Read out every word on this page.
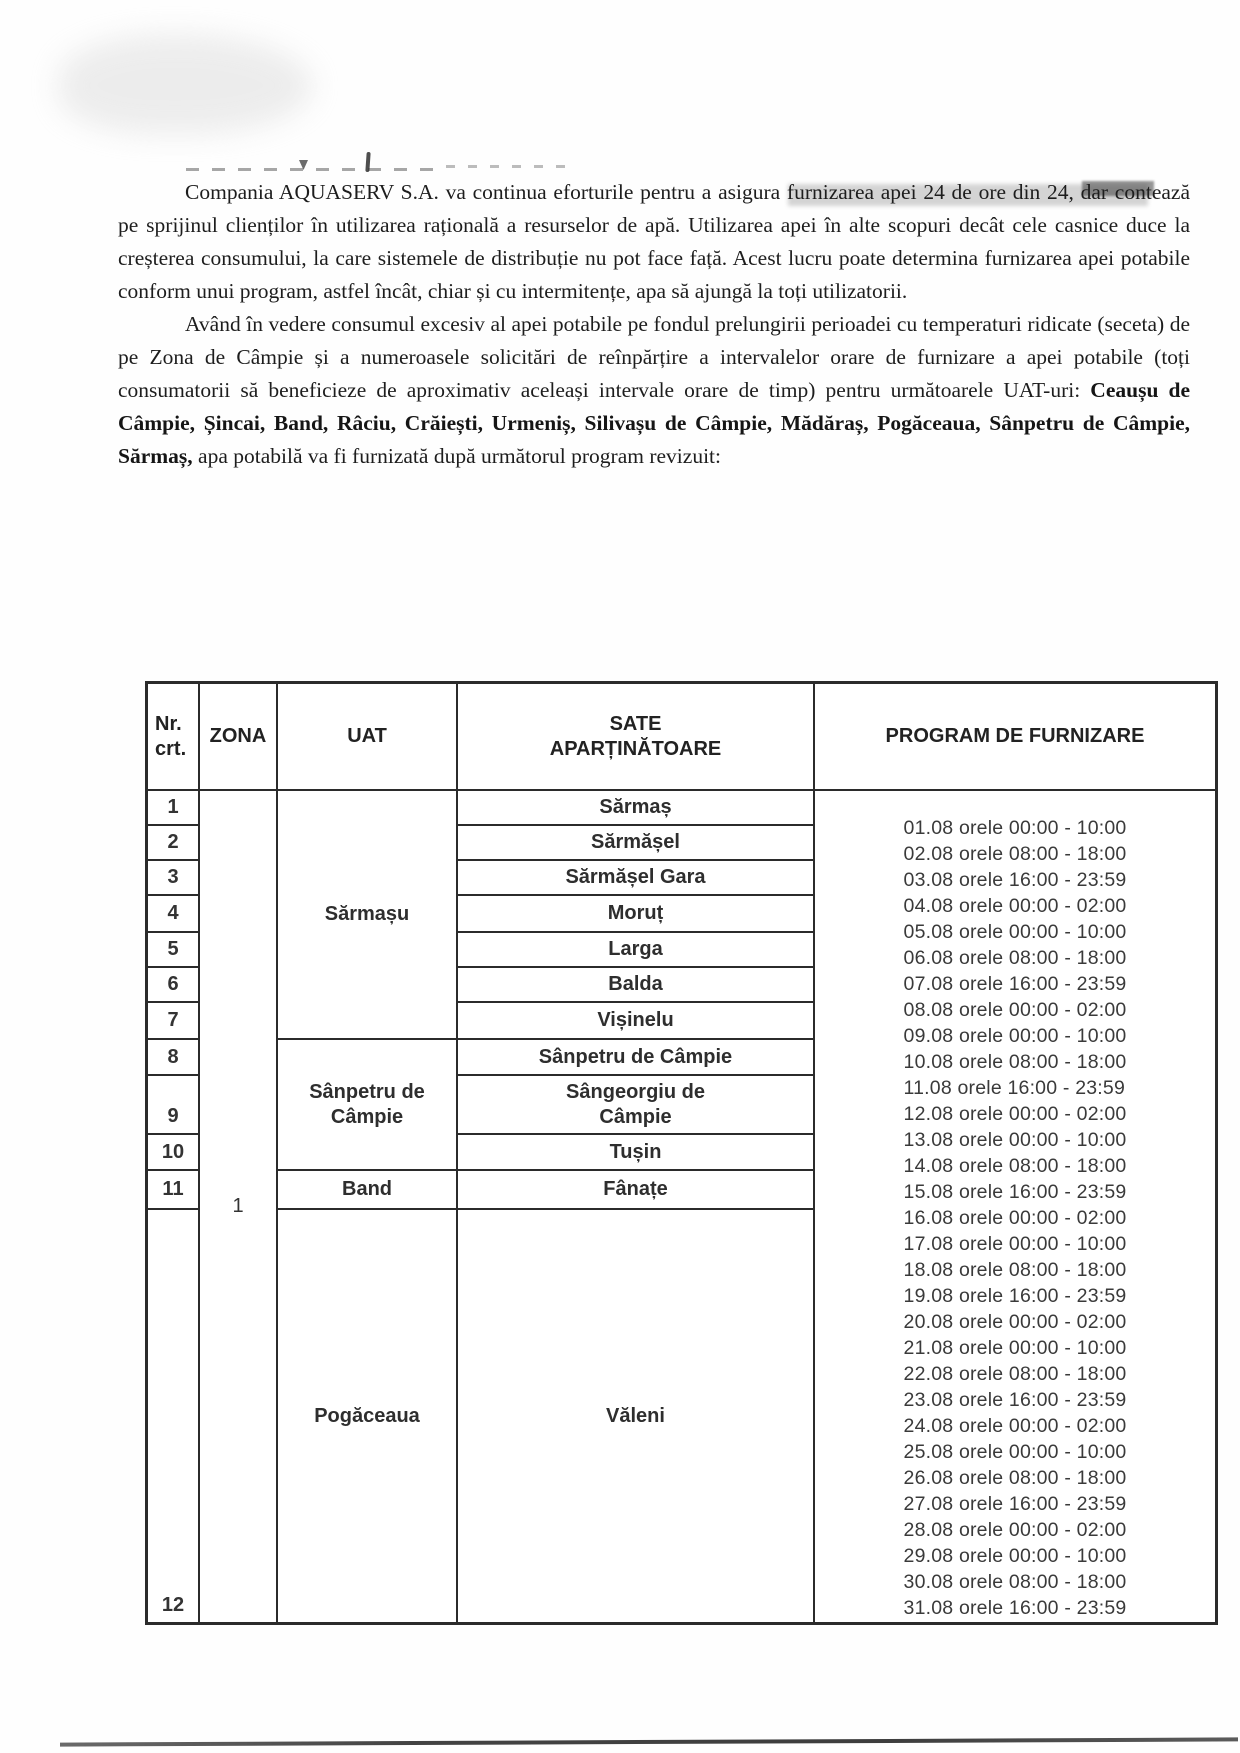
Compania AQUASERV S.A. va continua eforturile pentru a asigura furnizarea apei 24 de ore din 24, dar contează pe sprijinul clienților în utilizarea rațională a resurselor de apă. Utilizarea apei în alte scopuri decât cele casnice duce la creșterea consumului, la care sistemele de distribuție nu pot face față. Acest lucru poate determina furnizarea apei potabile conform unui program, astfel încât, chiar și cu intermitențe, apa să ajungă la toți utilizatorii.

Având în vedere consumul excesiv al apei potabile pe fondul prelungirii perioadei cu temperaturi ridicate (seceta) de pe Zona de Câmpie și a numeroasele solicitări de reînpărțire a intervalelor orare de furnizare a apei potabile (toți consumatorii să beneficieze de aproximativ aceleași intervale orare de timp) pentru următoarele UAT-uri: Ceaușu de Câmpie, Șincai, Band, Râciu, Crăiești, Urmeniș, Silivașu de Câmpie, Mădăraș, Pogăceaua, Sânpetru de Câmpie, Sărmaș, apa potabilă va fi furnizată după următorul program revizuit:

Nr. crt.
ZONA	UAT
SATE APARȚINĂTOARE
PROGRAM DE FURNIZARE
1
2
3
4
5
6
7
8
9
10
11
12
1
Sărmașu
Sânpetru de Câmpie
Band
Pogăceaua
Sărmaș
Sărmășel
Sărmășel Gara
Moruț
Larga
Balda
Vișinelu
Sânpetru de Câmpie
Sângeorgiu de Câmpie
Tușin
Fânațe
Văleni
01.08 orele 00:00 - 10:00
02.08 orele 08:00 - 18:00
03.08 orele 16:00 - 23:59
04.08 orele 00:00 - 02:00
05.08 orele 00:00 - 10:00
06.08 orele 08:00 - 18:00
07.08 orele 16:00 - 23:59
08.08 orele 00:00 - 02:00
09.08 orele 00:00 - 10:00
10.08 orele 08:00 - 18:00
11.08 orele 16:00 - 23:59
12.08 orele 00:00 - 02:00
13.08 orele 00:00 - 10:00
14.08 orele 08:00 - 18:00
15.08 orele 16:00 - 23:59
16.08 orele 00:00 - 02:00
17.08 orele 00:00 - 10:00
18.08 orele 08:00 - 18:00
19.08 orele 16:00 - 23:59
20.08 orele 00:00 - 02:00
21.08 orele 00:00 - 10:00
22.08 orele 08:00 - 18:00
23.08 orele 16:00 - 23:59
24.08 orele 00:00 - 02:00
25.08 orele 00:00 - 10:00
26.08 orele 08:00 - 18:00
27.08 orele 16:00 - 23:59
28.08 orele 00:00 - 02:00
29.08 orele 00:00 - 10:00
30.08 orele 08:00 - 18:00
31.08 orele 16:00 - 23:59
